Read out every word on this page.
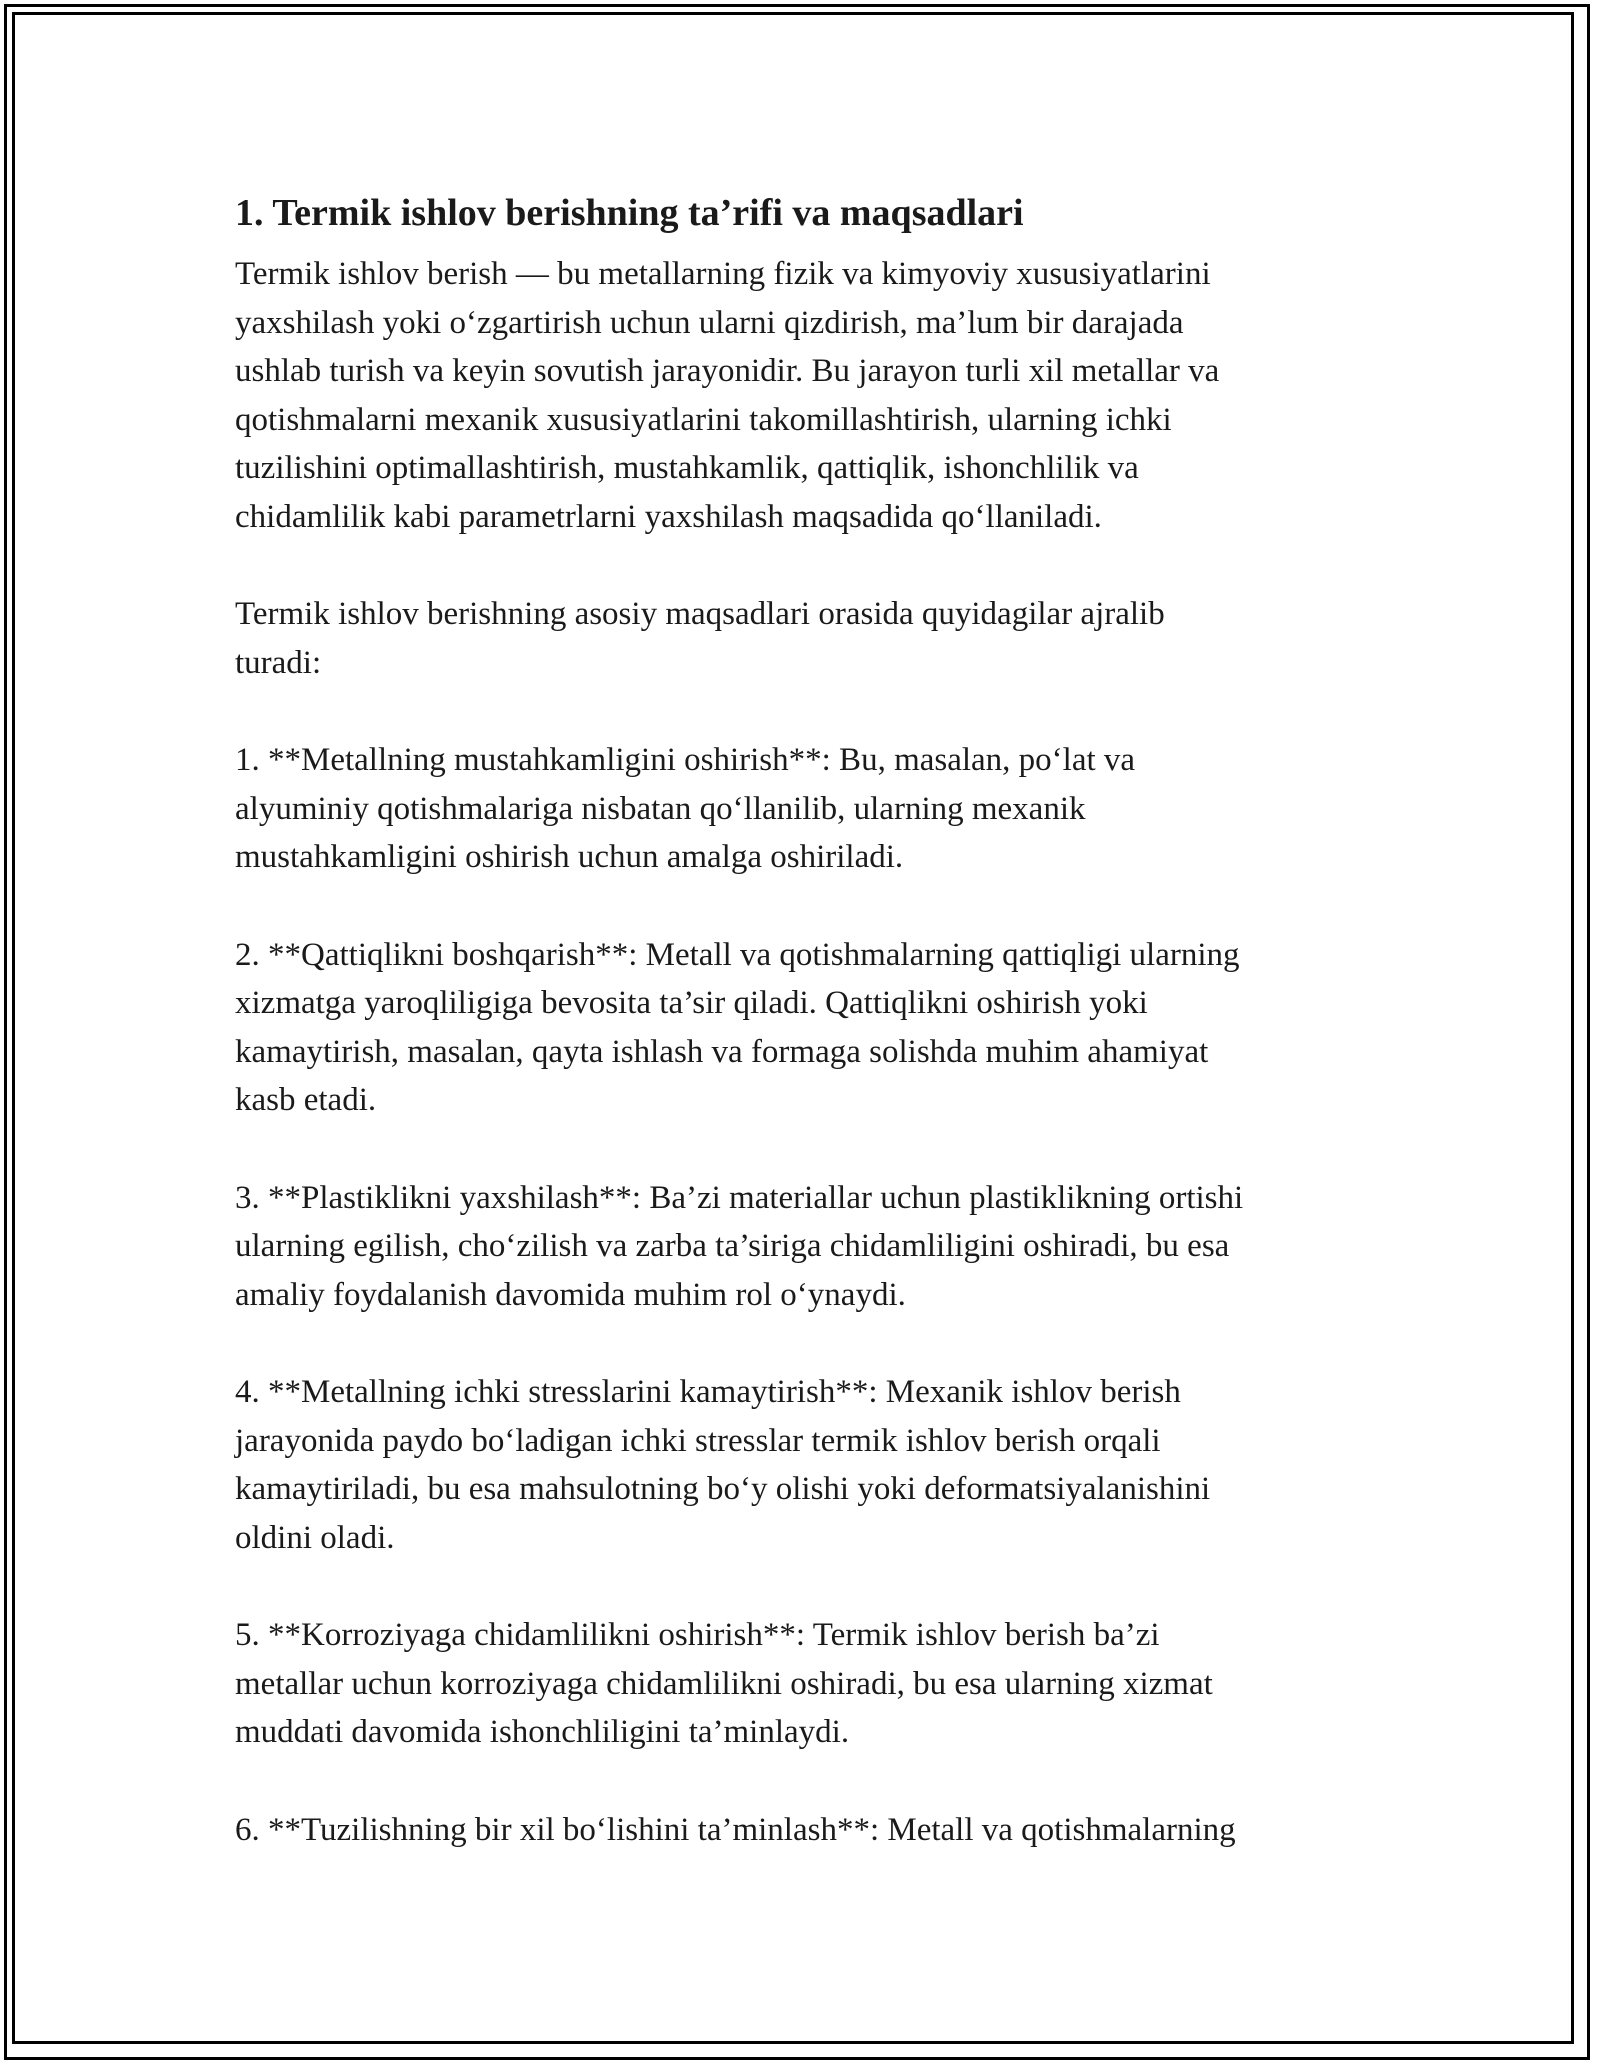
1. Termik ishlov berishning ta’rifi va maqsadlari

Termik ishlov berish — bu metallarning fizik va kimyoviy xususiyatlarini
yaxshilash yoki o‘zgartirish uchun ularni qizdirish, ma’lum bir darajada
ushlab turish va keyin sovutish jarayonidir. Bu jarayon turli xil metallar va
qotishmalarni mexanik xususiyatlarini takomillashtirish, ularning ichki
tuzilishini optimallashtirish, mustahkamlik, qattiqlik, ishonchlilik va
chidamlilik kabi parametrlarni yaxshilash maqsadida qo‘llaniladi.

Termik ishlov berishning asosiy maqsadlari orasida quyidagilar ajralib
turadi:

1. **Metallning mustahkamligini oshirish**: Bu, masalan, po‘lat va
alyuminiy qotishmalariga nisbatan qo‘llanilib, ularning mexanik
mustahkamligini oshirish uchun amalga oshiriladi.

2. **Qattiqlikni boshqarish**: Metall va qotishmalarning qattiqligi ularning
xizmatga yaroqliligiga bevosita ta’sir qiladi. Qattiqlikni oshirish yoki
kamaytirish, masalan, qayta ishlash va formaga solishda muhim ahamiyat
kasb etadi.

3. **Plastiklikni yaxshilash**: Ba’zi materiallar uchun plastiklikning ortishi
ularning egilish, cho‘zilish va zarba ta’siriga chidamliligini oshiradi, bu esa
amaliy foydalanish davomida muhim rol o‘ynaydi.

4. **Metallning ichki stresslarini kamaytirish**: Mexanik ishlov berish
jarayonida paydo bo‘ladigan ichki stresslar termik ishlov berish orqali
kamaytiriladi, bu esa mahsulotning bo‘y olishi yoki deformatsiyalanishini
oldini oladi.

5. **Korroziyaga chidamlilikni oshirish**: Termik ishlov berish ba’zi
metallar uchun korroziyaga chidamlilikni oshiradi, bu esa ularning xizmat
muddati davomida ishonchliligini ta’minlaydi.

6. **Tuzilishning bir xil bo‘lishini ta’minlash**: Metall va qotishmalarning
